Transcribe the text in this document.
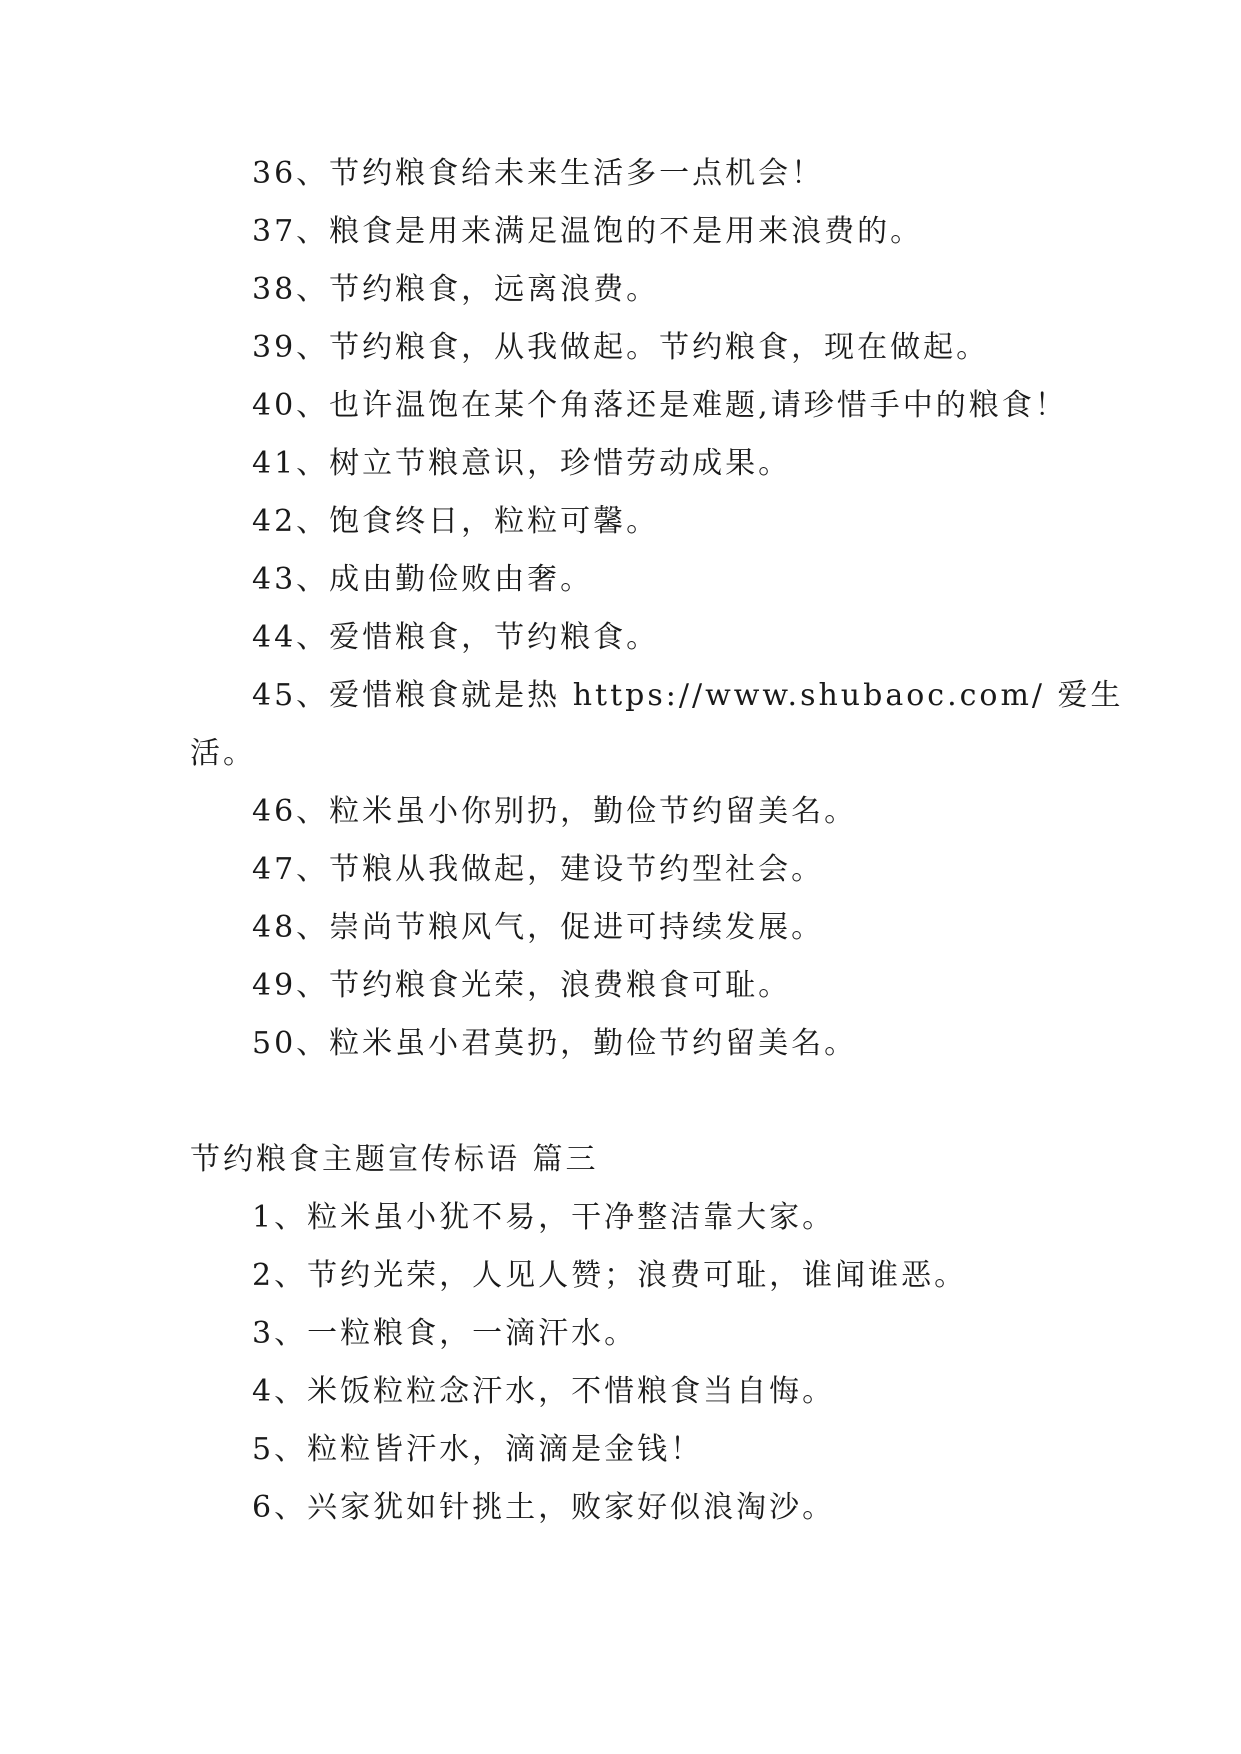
36、节约粮食给未来生活多一点机会！
37、粮食是用来满足温饱的不是用来浪费的。
38、节约粮食，远离浪费。
39、节约粮食，从我做起。节约粮食，现在做起。
40、也许温饱在某个角落还是难题,请珍惜手中的粮食！
41、树立节粮意识，珍惜劳动成果。
42、饱食终日，粒粒可馨。
43、成由勤俭败由奢。
44、爱惜粮食，节约粮食。
45、爱惜粮食就是热 https://www.shubaoc.com/ 爱生
活。
46、粒米虽小你别扔，勤俭节约留美名。
47、节粮从我做起，建设节约型社会。
48、崇尚节粮风气，促进可持续发展。
49、节约粮食光荣，浪费粮食可耻。
50、粒米虽小君莫扔，勤俭节约留美名。
节约粮食主题宣传标语 篇三
1、粒米虽小犹不易，干净整洁靠大家。
2、节约光荣，人见人赞；浪费可耻，谁闻谁恶。
3、一粒粮食，一滴汗水。
4、米饭粒粒念汗水，不惜粮食当自悔。
5、粒粒皆汗水，滴滴是金钱！
6、兴家犹如针挑土，败家好似浪淘沙。
